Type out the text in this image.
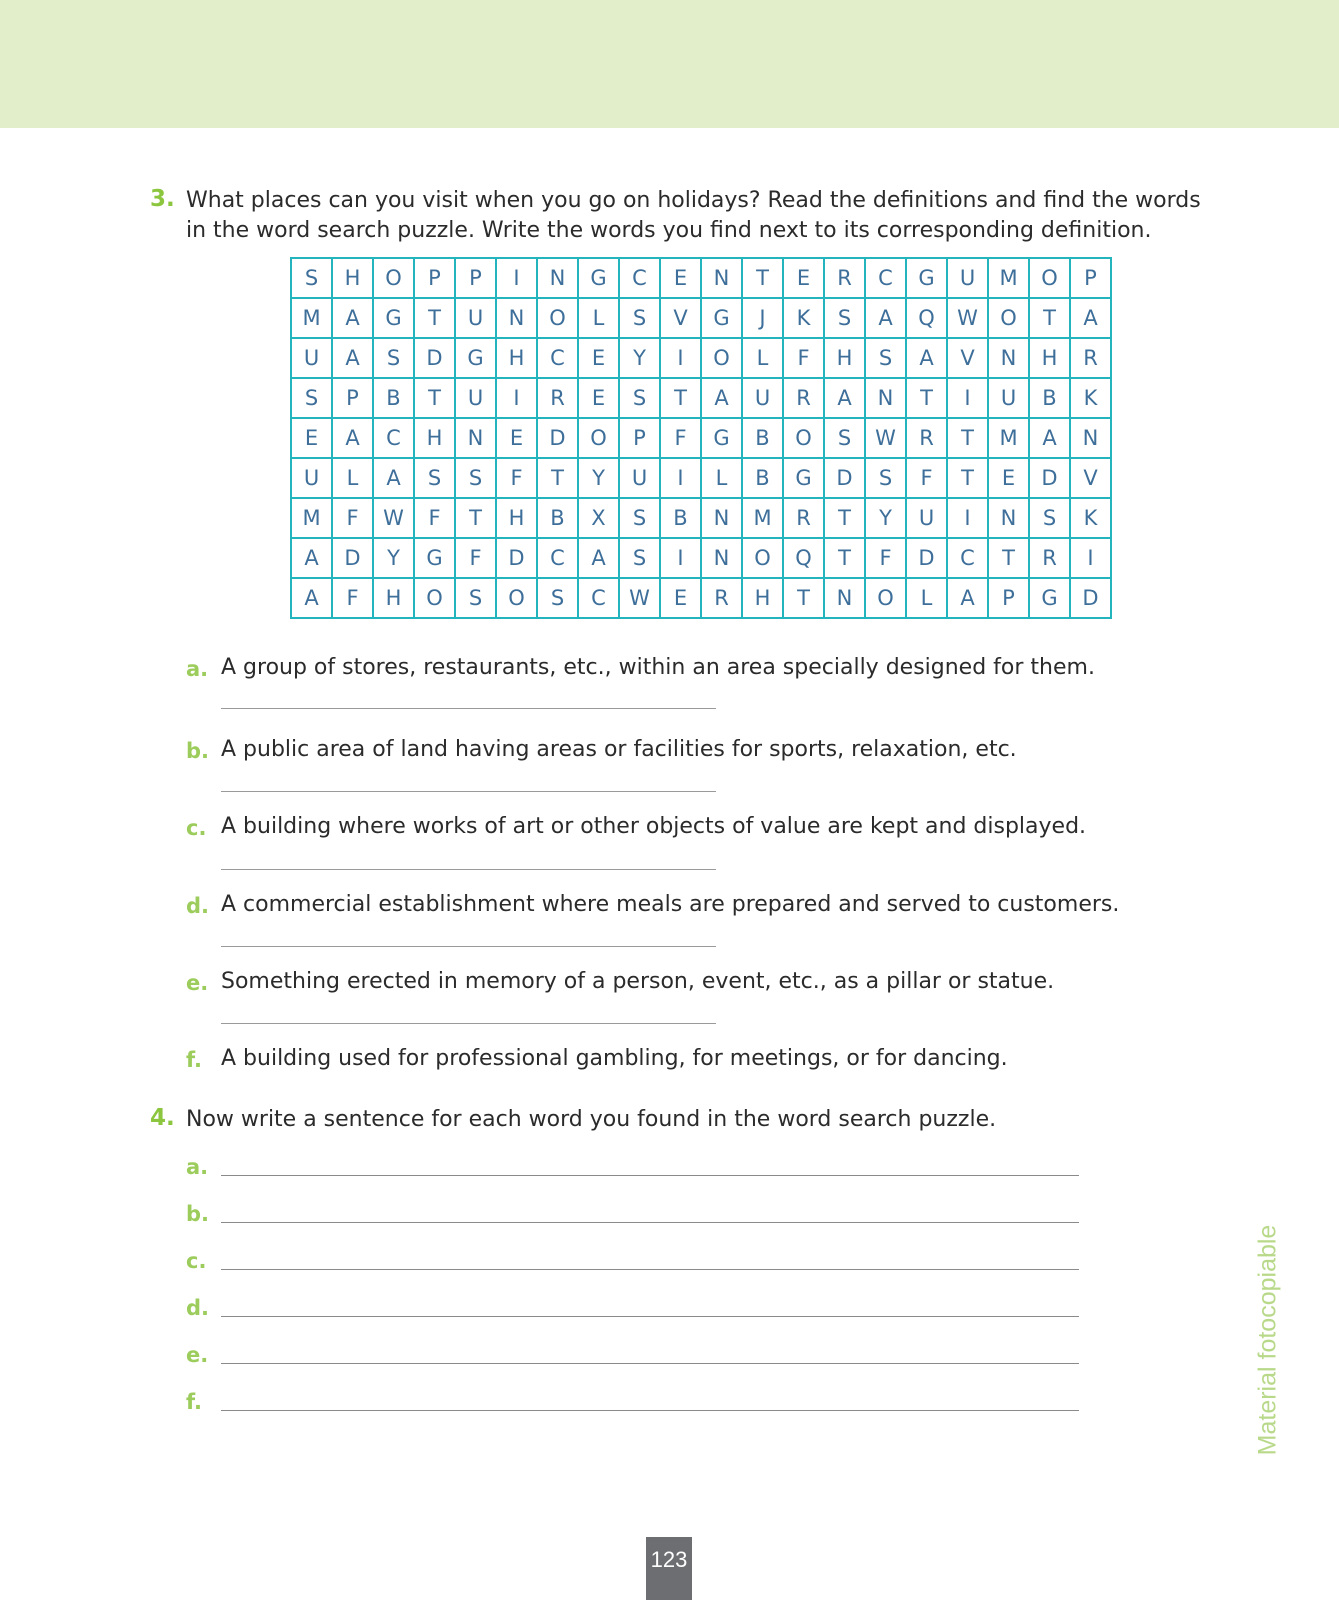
3. What places can you visit when you go on holidays? Read the definitions and find the words
in the word search puzzle. Write the words you find next to its corresponding definition.
S	H	O	P	P	I	N	G	C	E	N	T	E	R	C	G	U	M	O	P
M	A	G	T	U	N	O	L	S	V	G	J	K	S	A	Q	W	O	T	A
U	A	S	D	G	H	C	E	Y	I	O	L	F	H	S	A	V	N	H	R
S	P	B	T	U	I	R	E	S	T	A	U	R	A	N	T	I	U	B	K
E	A	C	H	N	E	D	O	P	F	G	B	O	S	W	R	T	M	A	N
U	L	A	S	S	F	T	Y	U	I	L	B	G	D	S	F	T	E	D	V
M	F	W	F	T	H	B	X	S	B	N	M	R	T	Y	U	I	N	S	K
A	D	Y	G	F	D	C	A	S	I	N	O	Q	T	F	D	C	T	R	I
A	F	H	O	S	O	S	C	W	E	R	H	T	N	O	L	A	P	G	D
a. A group of stores, restaurants, etc., within an area specially designed for them.
b. A public area of land having areas or facilities for sports, relaxation, etc.
c. A building where works of art or other objects of value are kept and displayed.
d. A commercial establishment where meals are prepared and served to customers.
e. Something erected in memory of a person, event, etc., as a pillar or statue.
f. A building used for professional gambling, for meetings, or for dancing.
4. Now write a sentence for each word you found in the word search puzzle.
a.
b.
c.
d.
e.
f.	Material fotocopiable
123
